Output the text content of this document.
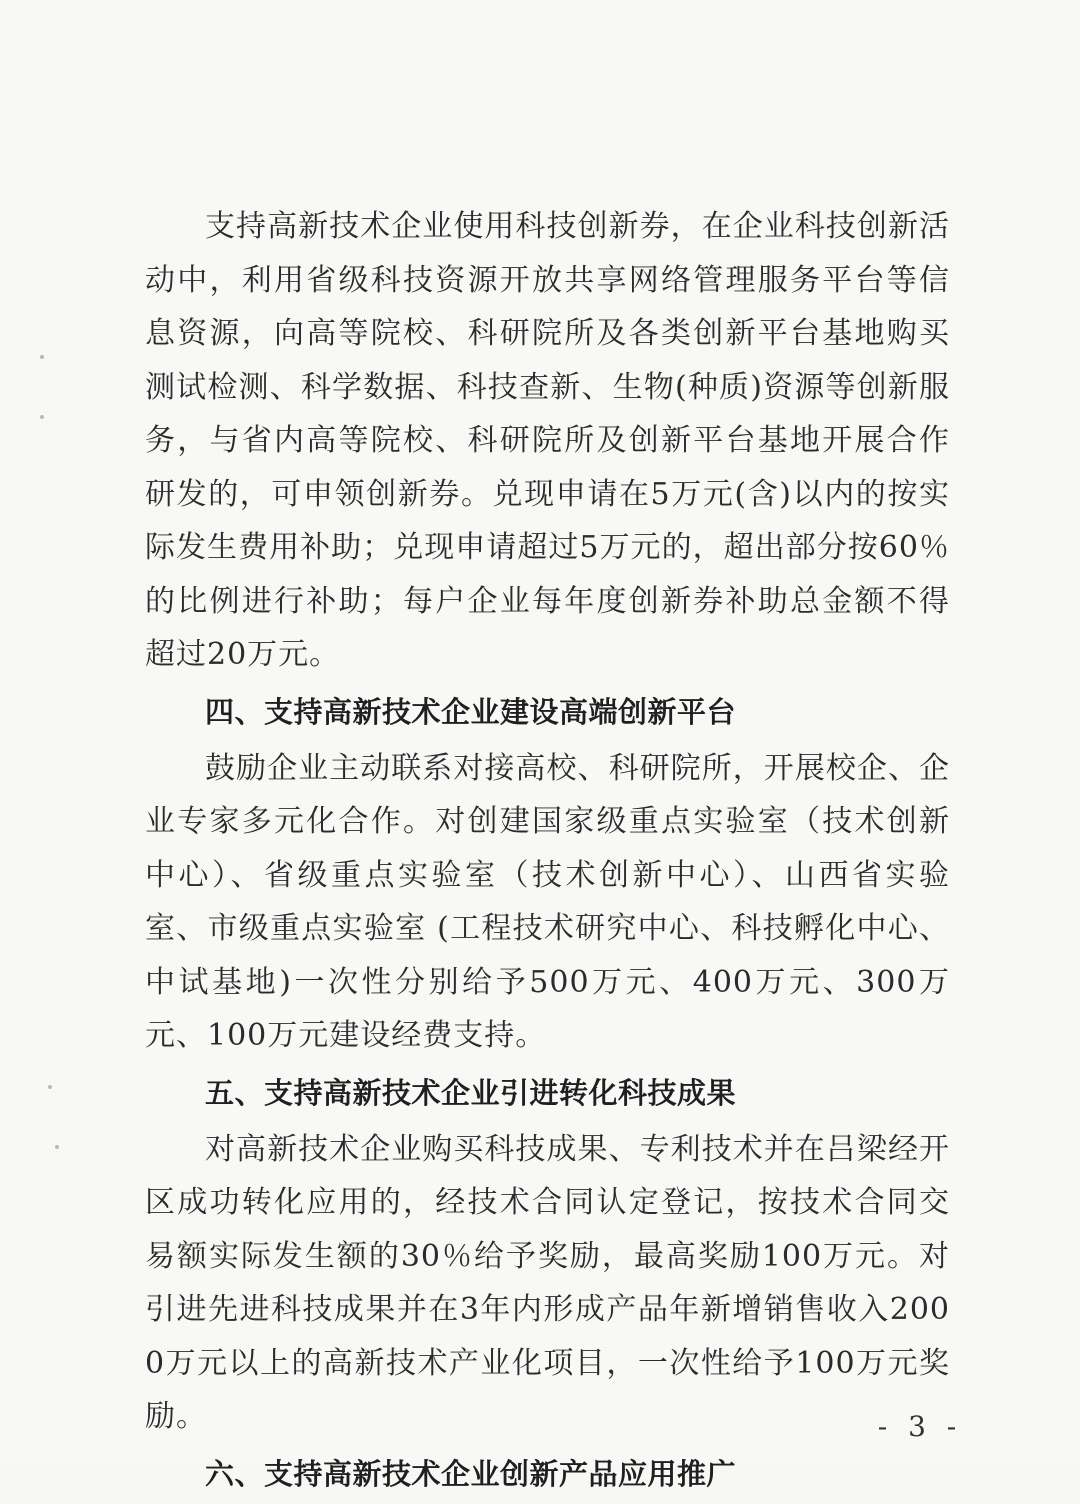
支持高新技术企业使用科技创新券，在企业科技创新活动中，利用省级科技资源开放共享网络管理服务平台等信息资源，向高等院校、科研院所及各类创新平台基地购买测试检测、科学数据、科技查新、生物(种质)资源等创新服务，与省内高等院校、科研院所及创新平台基地开展合作研发的，可申领创新券。兑现申请在5万元(含)以内的按实际发生费用补助；兑现申请超过5万元的，超出部分按60％的比例进行补助；每户企业每年度创新券补助总金额不得超过20万元。

四、支持高新技术企业建设高端创新平台

鼓励企业主动联系对接高校、科研院所，开展校企、企业专家多元化合作。对创建国家级重点实验室（技术创新中心）、省级重点实验室（技术创新中心）、山西省实验室、市级重点实验室 (工程技术研究中心、科技孵化中心、中试基地)一次性分别给予500万元、400万元、300万元、100万元建设经费支持。

五、支持高新技术企业引进转化科技成果

对高新技术企业购买科技成果、专利技术并在吕梁经开区成功转化应用的，经技术合同认定登记，按技术合同交易额实际发生额的30％给予奖励，最高奖励100万元。对引进先进科技成果并在3年内形成产品年新增销售收入2000万元以上的高新技术产业化项目，一次性给予100万元奖励。

六、支持高新技术企业创新产品应用推广
- 3 -
